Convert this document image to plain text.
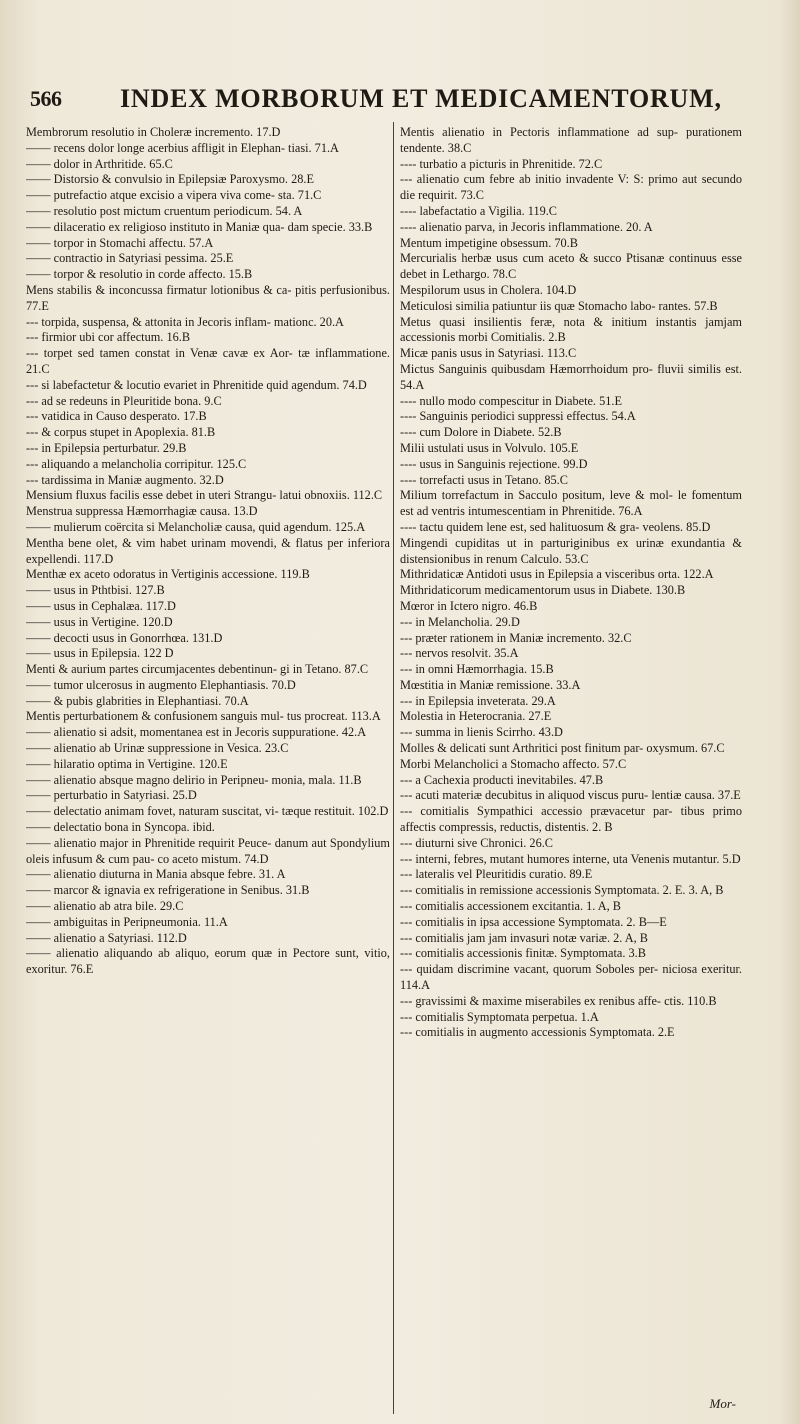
566 INDEX MORBORUM ET MEDICAMENTORUM,
Membrorum resolutio in Choleræ incremento. 17.D
—— recens dolor longe acerbius affligit in Elephan- tiasi. 71.A
—— dolor in Arthritide. 65.C
—— Distorsio & convulsio in Epilepsiæ Paroxysmo. 28.E
—— putrefactio atque excisio a vipera viva come- sta. 71.C
—— resolutio post mictum cruentum periodicum. 54. A
—— dilaceratio ex religioso instituto in Maniæ qua- dam specie. 33.B
—— torpor in Stomachi affectu. 57.A
—— contractio in Satyriasi pessima. 25.E
—— torpor & resolutio in corde affecto. 15.B
Mens stabilis & inconcussa firmatur lotionibus & ca- pitis perfusionibus. 77.E
--- torpida, suspensa, & attonita in Jecoris inflam- mationc. 20.A
--- firmior ubi cor affectum. 16.B
--- torpet sed tamen constat in Venæ cavæ ex Aor- tæ inflammatione. 21.C
--- si labefactetur & locutio evariet in Phrenitide quid agendum. 74.D
--- ad se redeuns in Pleuritide bona. 9.C
--- vatidica in Causo desperato. 17.B
--- & corpus stupet in Apoplexia. 81.B
--- in Epilepsia perturbatur. 29.B
--- aliquando a melancholia corripitur. 125.C
--- tardissima in Maniæ augmento. 32.D
Mensium fluxus facilis esse debet in uteri Strangu- latui obnoxiis. 112.C
Menstrua suppressa Hæmorrhagiæ causa. 13.D
—— mulierum coërcita si Melancholiæ causa, quid agendum. 125.A
Mentha bene olet, & vim habet urinam movendi, & flatus per inferiora expellendi. 117.D
Menthæ ex aceto odoratus in Vertiginis accessione. 119.B
—— usus in Pthtbisi. 127.B
—— usus in Cephalæa. 117.D
—— usus in Vertigine. 120.D
—— decocti usus in Gonorrhœa. 131.D
—— usus in Epilepsia. 122 D
Menti & aurium partes circumjacentes debentinun- gi in Tetano. 87.C
—— tumor ulcerosus in augmento Elephantiasis. 70.D
—— & pubis glabrities in Elephantiasi. 70.A
Mentis perturbationem & confusionem sanguis mul- tus procreat. 113.A
—— alienatio si adsit, momentanea est in Jecoris suppuratione. 42.A
—— alienatio ab Urinæ suppressione in Vesica. 23.C
—— hilaratio optima in Vertigine. 120.E
—— alienatio absque magno delirio in Peripneu- monia, mala. 11.B
—— perturbatio in Satyriasi. 25.D
—— delectatio animam fovet, naturam suscitat, vi- tæque restituit. 102.D
—— delectatio bona in Syncopa. ibid.
—— alienatio major in Phrenitide requirit Peuce- danum aut Spondylium oleis infusum & cum pau- co aceto mistum. 74.D
—— alienatio diuturna in Mania absque febre. 31. A
—— marcor & ignavia ex refrigeratione in Senibus. 31.B
—— alienatio ab atra bile. 29.C
—— ambiguitas in Peripneumonia. 11.A
—— alienatio a Satyriasi. 112.D
—— alienatio aliquando ab aliquo, eorum quæ in Pectore sunt, vitio, exoritur. 76.E
Mentis alienatio in Pectoris inflammatione ad sup- purationem tendente. 38.C
---- turbatio a picturis in Phrenitide. 72.C
--- alienatio cum febre ab initio invadente V: S: primo aut secundo die requirit. 73.C
---- labefactatio a Vigilia. 119.C
---- alienatio parva, in Jecoris inflammatione. 20. A
Mentum impetigine obsessum. 70.B
Mercurialis herbæ usus cum aceto & succo Ptisanæ continuus esse debet in Lethargo. 78.C
Mespilorum usus in Cholera. 104.D
Meticulosi similia patiuntur iis quæ Stomacho labo- rantes. 57.B
Metus quasi insilientis feræ, nota & initium instantis jamjam accessionis morbi Comitialis. 2.B
Micæ panis usus in Satyriasi. 113.C
Mictus Sanguinis quibusdam Hæmorrhoidum pro- fluvii similis est. 54.A
---- nullo modo compescitur in Diabete. 51.E
---- Sanguinis periodici suppressi effectus. 54.A
---- cum Dolore in Diabete. 52.B
Milii ustulati usus in Volvulo. 105.E
---- usus in Sanguinis rejectione. 99.D
---- torrefacti usus in Tetano. 85.C
Milium torrefactum in Sacculo positum, leve & mol- le fomentum est ad ventris intumescentiam in Phrenitide. 76.A
---- tactu quidem lene est, sed halituosum & gra- veolens. 85.D
Mingendi cupiditas ut in parturiginibus ex urinæ exundantia & distensionibus in renum Calculo. 53.C
Mithridaticæ Antidoti usus in Epilepsia a visceribus orta. 122.A
Mithridaticorum medicamentorum usus in Diabete. 130.B
Mœror in Ictero nigro. 46.B
--- in Melancholia. 29.D
--- præter rationem in Maniæ incremento. 32.C
--- nervos resolvit. 35.A
--- in omni Hæmorrhagia. 15.B
Mœstitia in Maniæ remissione. 33.A
--- in Epilepsia inveterata. 29.A
Molestia in Heterocrania. 27.E
--- summa in lienis Scirrho. 43.D
Molles & delicati sunt Arthritici post finitum par- oxysmum. 67.C
Morbi Melancholici a Stomacho affecto. 57.C
--- a Cachexia producti inevitabiles. 47.B
--- acuti materiæ decubitus in aliquod viscus puru- lentiæ causa. 37.E
--- comitialis Sympathici accessio prævacetur par- tibus primo affectis compressis, reductis, distentis. 2. B
--- diuturni sive Chronici. 26.C
--- interni, febres, mutant humores interne, uta Venenis mutantur. 5.D
--- lateralis vel Pleuritidis curatio. 89.E
--- comitialis in remissione accessionis Symptomata. 2. E. 3. A, B
--- comitialis accessionem excitantia. 1. A, B
--- comitialis in ipsa accessione Symptomata. 2. B—E
--- comitialis jam jam invasuri notæ variæ. 2. A, B
--- comitialis accessionis finitæ. Symptomata. 3.B
--- quidam discrimine vacant, quorum Soboles per- niciosa exeritur. 114.A
--- gravissimi & maxime miserabiles ex renibus affe- ctis. 110.B
--- comitialis Symptomata perpetua. 1.A
--- comitialis in augmento accessionis Symptomata. 2.E
Mor-
